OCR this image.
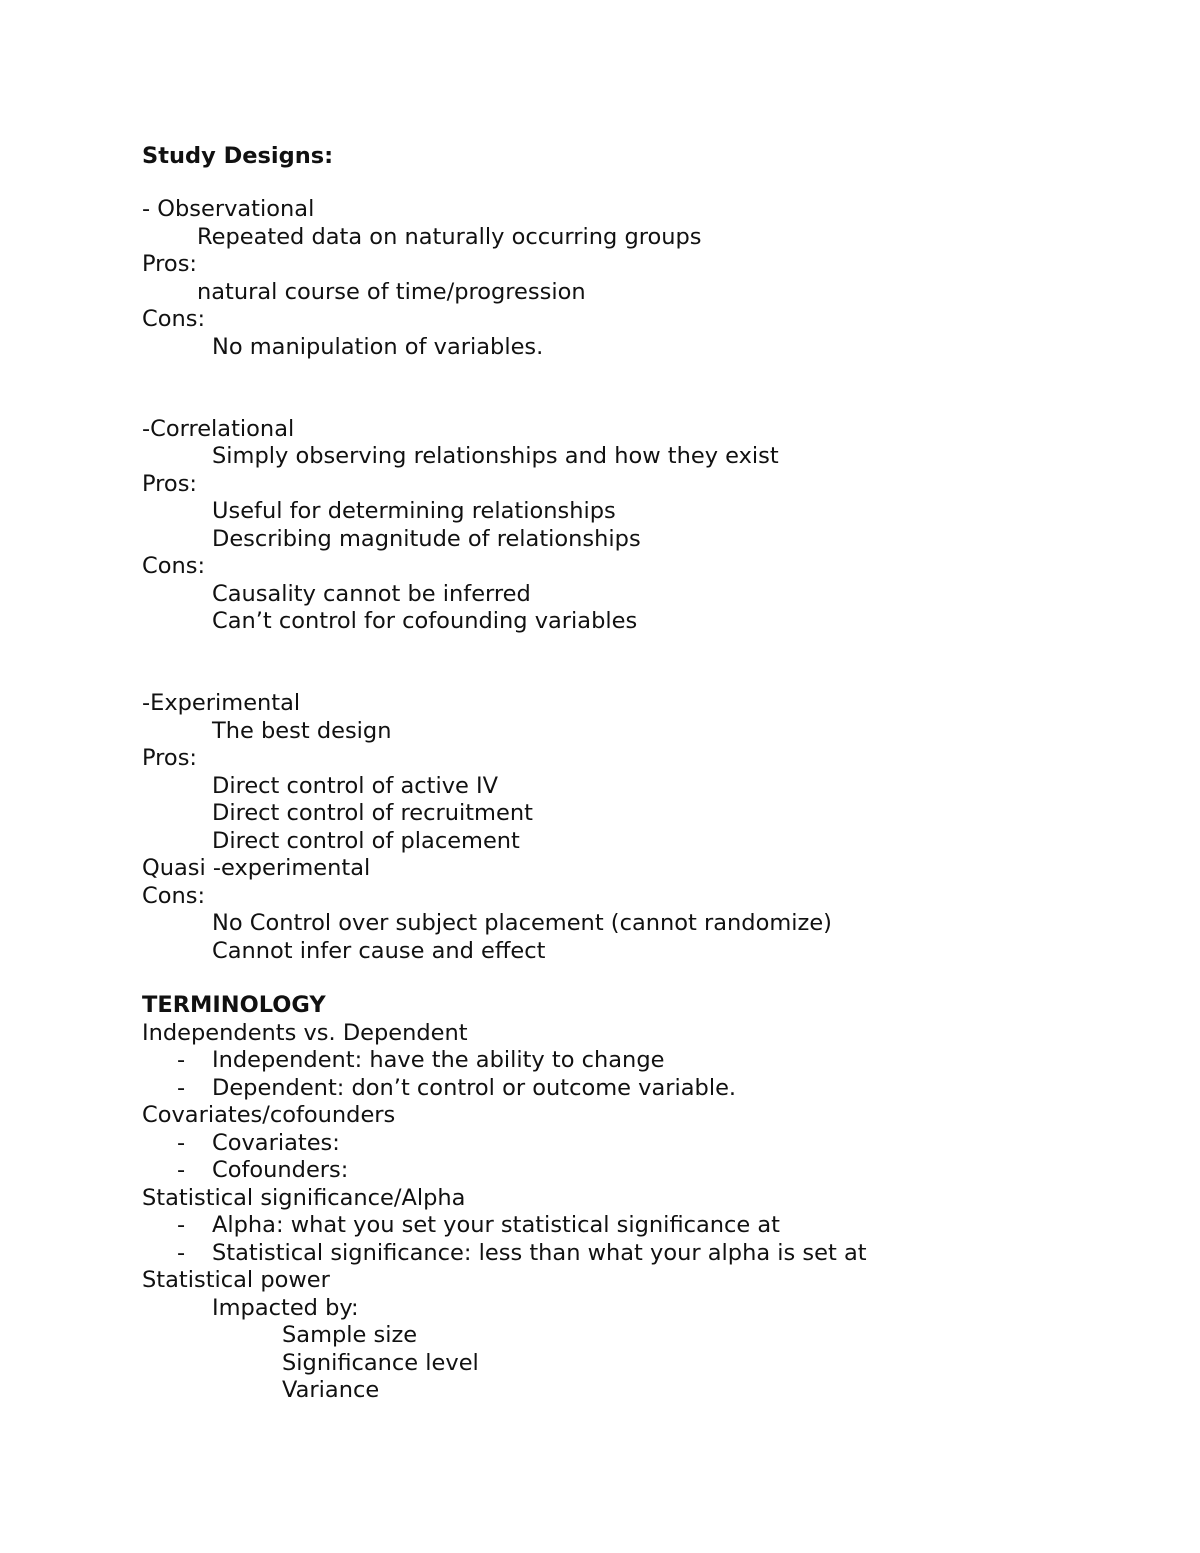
Study Designs:
- Observational
Repeated data on naturally occurring groups
Pros:
natural course of time/progression
Cons:
No manipulation of variables.
-Correlational
Simply observing relationships and how they exist
Pros:
Useful for determining relationships
Describing magnitude of relationships
Cons:
Causality cannot be inferred
Can’t control for cofounding variables
-Experimental
The best design
Pros:
Direct control of active IV
Direct control of recruitment
Direct control of placement
Quasi -experimental
Cons:
No Control over subject placement (cannot randomize)
Cannot infer cause and effect
TERMINOLOGY
Independents vs. Dependent
- Independent: have the ability to change
- Dependent: don’t control or outcome variable.
Covariates/cofounders
- Covariates:
- Cofounders:
Statistical significance/Alpha
- Alpha: what you set your statistical significance at
- Statistical significance: less than what your alpha is set at
Statistical power
Impacted by:
Sample size
Significance level
Variance
